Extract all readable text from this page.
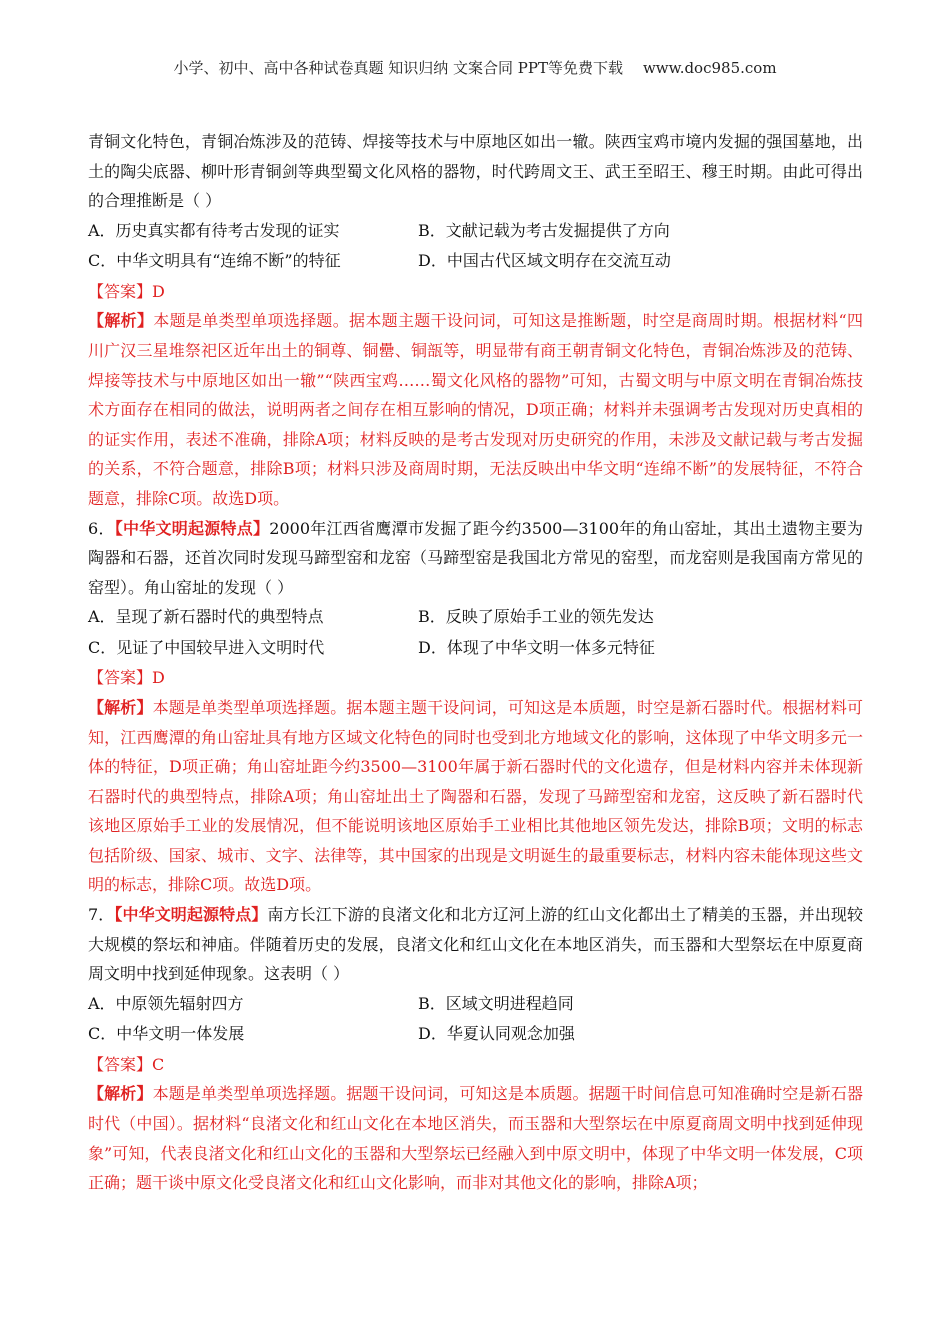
小学、初中、高中各种试卷真题 知识归纳 文案合同 PPT等免费下载 www.doc985.com

青铜文化特色，青铜冶炼涉及的范铸、焊接等技术与中原地区如出一辙。陕西宝鸡市境内发掘的强国墓地，出土的陶尖底器、柳叶形青铜剑等典型蜀文化风格的器物，时代跨周文王、武王至昭王、穆王时期。由此可得出的合理推断是（ ）

A．历史真实都有待考古发现的证实	B．文献记载为考古发掘提供了方向
C．中华文明具有“连绵不断”的特征	D．中国古代区域文明存在交流互动

【答案】D

【解析】本题是单类型单项选择题。据本题主题干设问词，可知这是推断题，时空是商周时期。根据材料“四川广汉三星堆祭祀区近年出土的铜尊、铜罍、铜瓿等，明显带有商王朝青铜文化特色，青铜冶炼涉及的范铸、焊接等技术与中原地区如出一辙”“陕西宝鸡……蜀文化风格的器物”可知，古蜀文明与中原文明在青铜冶炼技术方面存在相同的做法，说明两者之间存在相互影响的情况，D项正确；材料并未强调考古发现对历史真相的的证实作用，表述不准确，排除A项；材料反映的是考古发现对历史研究的作用，未涉及文献记载与考古发掘的关系，不符合题意，排除B项；材料只涉及商周时期，无法反映出中华文明“连绵不断”的发展特征，不符合题意，排除C项。故选D项。

6．【中华文明起源特点】2000年江西省鹰潭市发掘了距今约3500—3100年的角山窑址，其出土遗物主要为陶器和石器，还首次同时发现马蹄型窑和龙窑（马蹄型窑是我国北方常见的窑型，而龙窑则是我国南方常见的窑型）。角山窑址的发现（ ）

A．呈现了新石器时代的典型特点	B．反映了原始手工业的领先发达
C．见证了中国较早进入文明时代	D．体现了中华文明一体多元特征

【答案】D

【解析】本题是单类型单项选择题。据本题主题干设问词，可知这是本质题，时空是新石器时代。根据材料可知，江西鹰潭的角山窑址具有地方区域文化特色的同时也受到北方地域文化的影响，这体现了中华文明多元一体的特征，D项正确；角山窑址距今约3500—3100年属于新石器时代的文化遗存，但是材料内容并未体现新石器时代的典型特点，排除A项；角山窑址出土了陶器和石器，发现了马蹄型窑和龙窑，这反映了新石器时代该地区原始手工业的发展情况，但不能说明该地区原始手工业相比其他地区领先发达，排除B项；文明的标志包括阶级、国家、城市、文字、法律等，其中国家的出现是文明诞生的最重要标志，材料内容未能体现这些文明的标志，排除C项。故选D项。

7．【中华文明起源特点】南方长江下游的良渚文化和北方辽河上游的红山文化都出土了精美的玉器，并出现较大规模的祭坛和神庙。伴随着历史的发展，良渚文化和红山文化在本地区消失，而玉器和大型祭坛在中原夏商周文明中找到延伸现象。这表明（ ）

A．中原领先辐射四方	B．区域文明进程趋同
C．中华文明一体发展	D．华夏认同观念加强

【答案】C

【解析】本题是单类型单项选择题。据题干设问词，可知这是本质题。据题干时间信息可知准确时空是新石器时代（中国）。据材料“良渚文化和红山文化在本地区消失，而玉器和大型祭坛在中原夏商周文明中找到延伸现象”可知，代表良渚文化和红山文化的玉器和大型祭坛已经融入到中原文明中，体现了中华文明一体发展，C项正确；题干谈中原文化受良渚文化和红山文化影响，而非对其他文化的影响，排除A项；
